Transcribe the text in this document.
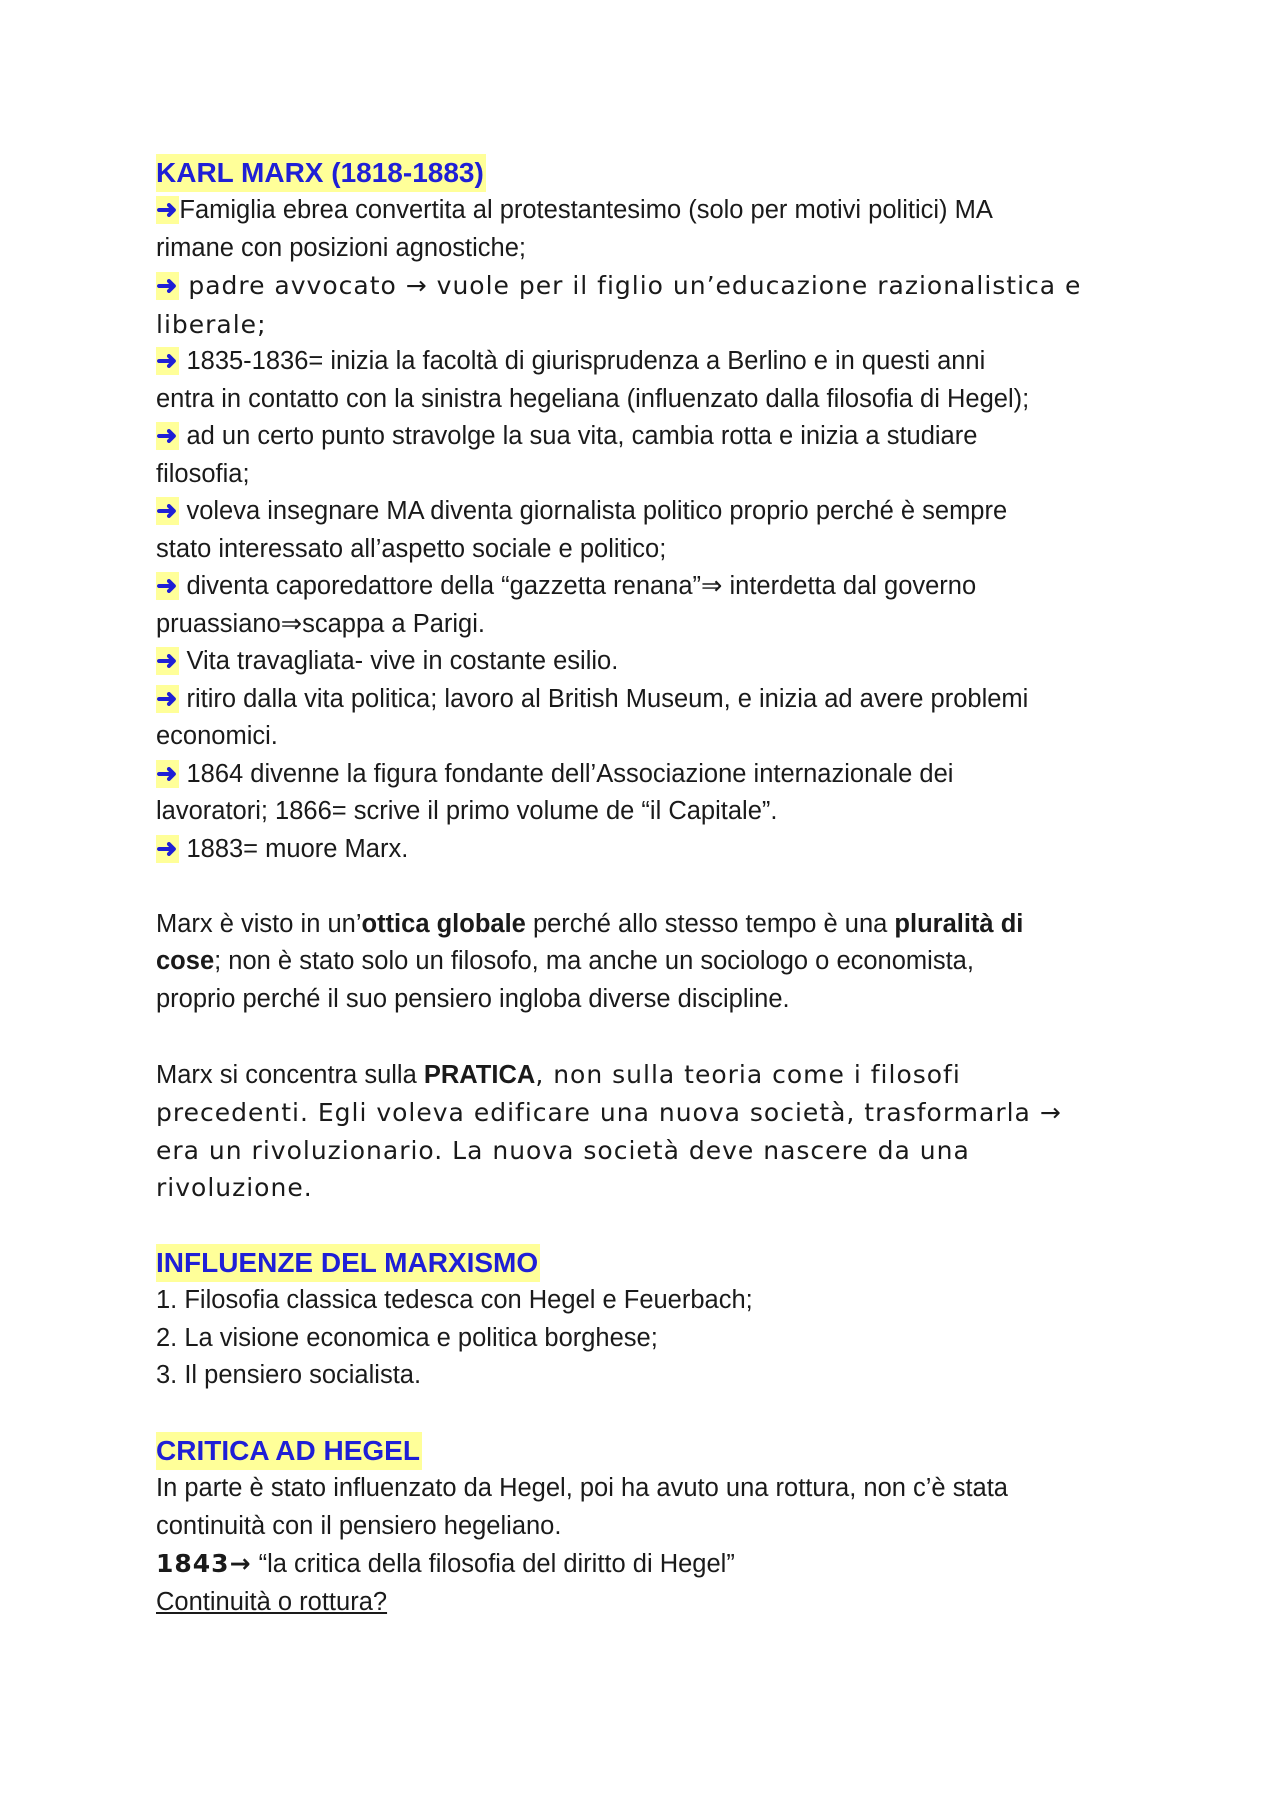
KARL MARX (1818-1883)
➜Famiglia ebrea convertita al protestantesimo (solo per motivi politici) MA
rimane con posizioni agnostiche;
➜ padre avvocato → vuole per il figlio un’educazione razionalistica e
liberale;
➜ 1835-1836= inizia la facoltà di giurisprudenza a Berlino e in questi anni
entra in contatto con la sinistra hegeliana (influenzato dalla filosofia di Hegel);
➜ ad un certo punto stravolge la sua vita, cambia rotta e inizia a studiare
filosofia;
➜ voleva insegnare MA diventa giornalista politico proprio perché è sempre
stato interessato all’aspetto sociale e politico;
➜ diventa caporedattore della “gazzetta renana”⇒ interdetta dal governo
pruassiano⇒scappa a Parigi.
➜ Vita travagliata- vive in costante esilio.
➜ ritiro dalla vita politica; lavoro al British Museum, e inizia ad avere problemi
economici.
➜ 1864 divenne la figura fondante dell’Associazione internazionale dei
lavoratori; 1866= scrive il primo volume de “il Capitale”.
➜ 1883= muore Marx.
Marx è visto in un’ottica globale perché allo stesso tempo è una pluralità di
cose; non è stato solo un filosofo, ma anche un sociologo o economista,
proprio perché il suo pensiero ingloba diverse discipline.
Marx si concentra sulla PRATICA, non sulla teoria come i filosofi
precedenti. Egli voleva edificare una nuova società, trasformarla →
era un rivoluzionario. La nuova società deve nascere da una
rivoluzione.
INFLUENZE DEL MARXISMO
1. Filosofia classica tedesca con Hegel e Feuerbach;
2. La visione economica e politica borghese;
3. Il pensiero socialista.
CRITICA AD HEGEL
In parte è stato influenzato da Hegel, poi ha avuto una rottura, non c’è stata
continuità con il pensiero hegeliano.
1843→ “la critica della filosofia del diritto di Hegel”
Continuità o rottura?
